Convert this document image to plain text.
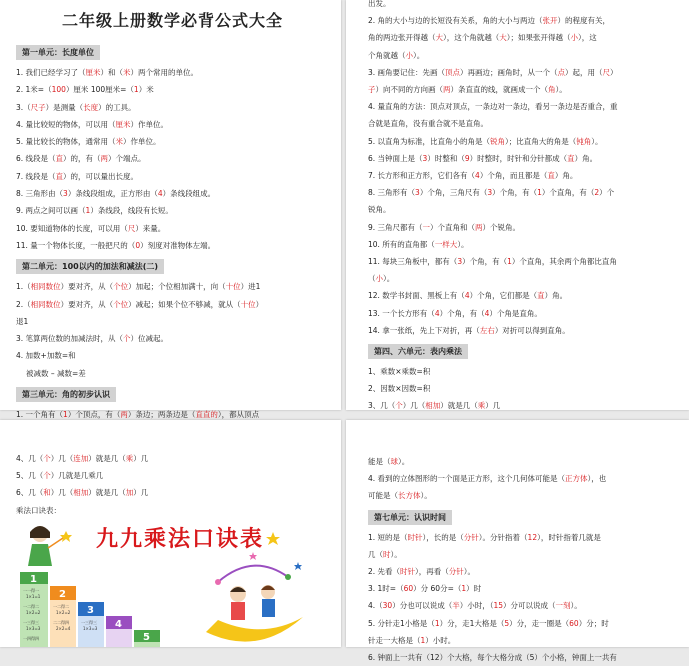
二年级上册数学必背公式大全
第一单元：长度单位
1. 我们已经学习了（厘米）和（米）两个常用的单位。
2. 1米=（100）厘米 100厘米=（1）米
3.（尺子）是测量（长度）的工具。
4. 量比较短的物体，可以用（厘米）作单位。
5. 量比较长的物体，通常用（米）作单位。
6. 线段是（直）的，有（两）个端点。
7. 线段是（直）的，可以量出长度。
8. 三角形由（3）条线段组成，正方形由（4）条线段组成。
9. 两点之间可以画（1）条线段，线段有长短。
10. 要知道物体的长度，可以用（尺）来量。
11. 量一个物体长度，一般把尺的（0）刻度对准物体左端。
第二单元：100以内的加法和减法(二)
1.（相同数位）要对齐，从（个位）加起；个位相加满十，向（十位）进1
2.（相同数位）要对齐，从（个位）减起；如果个位不够减，就从（十位）
退1
3. 笔算两位数的加减法时，从（个）位减起。
4. 加数+加数=和
被减数 – 减数=差
第三单元：角的初步认识
1. 一个角有（1）个顶点，有（两）条边；两条边是（直直的），都从顶点
出发。
2. 角的大小与边的长短没有关系，角的大小与两边（张开）的程度有关，
角的两边张开得越（大），这个角就越（大）；如果张开得越（小），这
个角就越（小）。
3. 画角要记住：先画（顶点）再画边；画角时，从一个（点）起，用（尺）
子）向不同的方向画（两）条直直的线，就画成一个（角）。
4. 量直角的方法：顶点对顶点，一条边对一条边，看另一条边是否重合，重
合就是直角，没有重合就不是直角。
5. 以直角为标准，比直角小的角是（锐角）；比直角大的角是（钝角）。
6. 当钟面上是（3）时整和（9）时整时，时针和分针都成（直）角。
7. 长方形和正方形，它们各有（4）个角，而且都是（直）角。
8. 三角形有（3）个角，三角尺有（3）个角，有（1）个直角，有（2）个
锐角。
9. 三角尺都有（一）个直角和（两）个锐角。
10. 所有的直角都（一样大）。
11. 每块三角板中，都有（3）个角，有（1）个直角，其余两个角都比直角
（小）。
12. 数学书封面、黑板上有（4）个角，它们都是（直）角。
13. 一个长方形有（4）个角，有（4）个角是直角。
14. 拿一张纸，先上下对折，再（左右）对折可以得到直角。
第四、六单元：表内乘法
1、乘数×乘数=积
2、因数×因数=积
3、几（个）几（相加）就是几（乘）几
4、几（个）几（连加）就是几（乘）几
5、几（个）几就是几乘几
6、几（和）几（相加）就是几（加）几
乘法口诀表：
九九乘法口诀表
1
2
3
4
5
一一得一
1×1=1
一二得二
1×2=2
一三得三
1×3=3
一四得四
一二得二
1×2=2
二二得四
2×2=4
一三得三
1×3=3
能是（球）。
4. 看到的立体图形的一个面是正方形，这个几何体可能是（正方体），也
可能是（长方体）。
第七单元：认识时间
1. 短的是（时针），长的是（分针）。分针指着（12），时针指着几就是
几（时）。
2. 先看（时针），再看（分针）。
3. 1时=（60）分 60分=（1）时
4.（30）分也可以说成（半）小时，（15）分可以说成（一刻）。
5. 分针走1小格是（1）分，走1大格是（5）分，走一圈是（60）分；时
针走一大格是（1）小时。
6. 钟面上一共有（12）个大格，每个大格分成（5）个小格，钟面上一共有
